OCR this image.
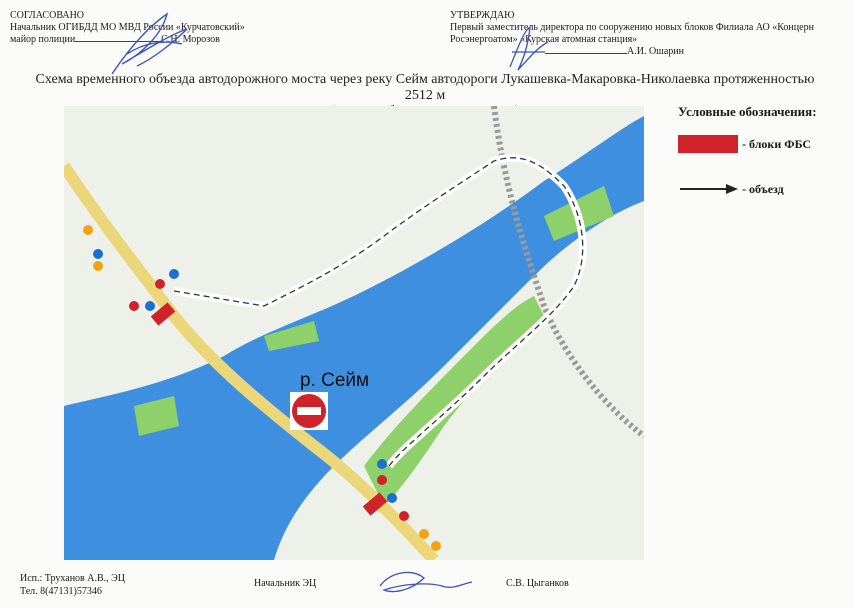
СОГЛАСОВАНО
Начальник ОГИБДД МО МВД России «Курчатовский»
майор полиции	С.Н. Морозов
УТВЕРЖДАЮ
Первый заместитель директора по сооружению новых блоков Филиала АО «Концерн
Росэнергоатом» «Курская атомная станция»
А.И. Ошарин
Схема временного объезда автодорожного моста через реку Сейм автодороги Лукашевка-Макаровка-Николаевка протяженностью 2512 м
р. Сейм
Условные обозначения:
- блоки ФБС
- объезд
Исп.: Труханов А.В., ЭЦ
Тел. 8(47131)57346
Начальник ЭЦ	С.В. Цыганков
